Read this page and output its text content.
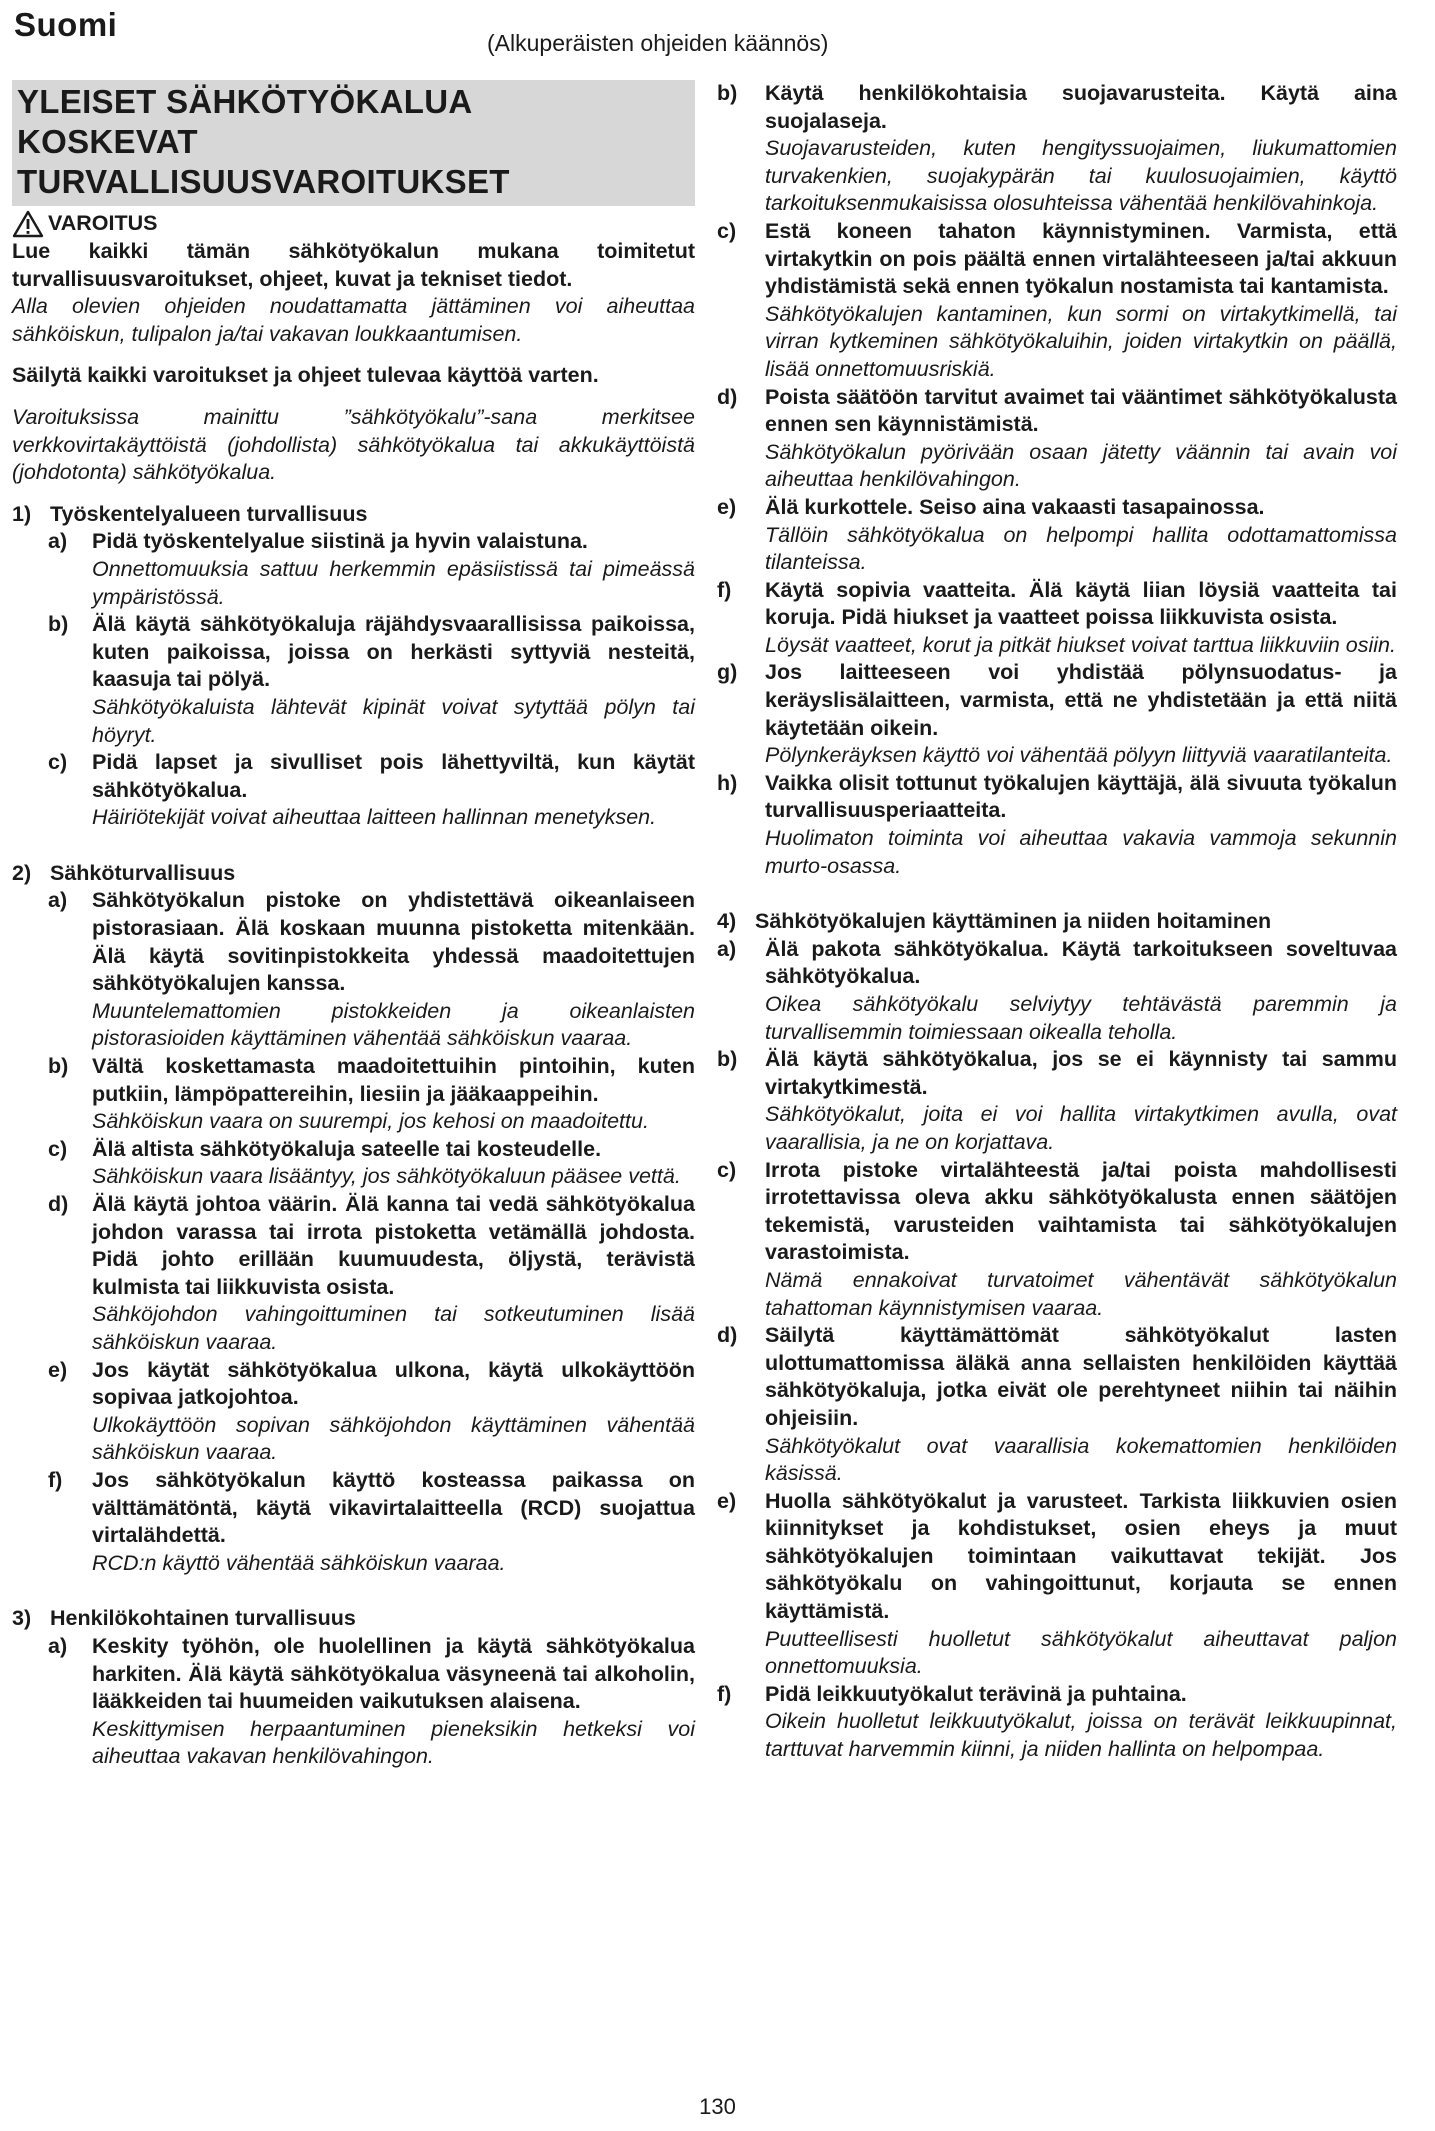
Suomi	(Alkuperäisten ohjeiden käännös)
YLEISET SÄHKÖTYÖKALUA
KOSKEVAT
TURVALLISUUSVAROITUKSET
VAROITUS
Lue kaikki tämän sähkötyökalun mukana toimitetut turvallisuusvaroitukset, ohjeet, kuvat ja tekniset tiedot.
Alla olevien ohjeiden noudattamatta jättäminen voi aiheuttaa sähköiskun, tulipalon ja/tai vakavan loukkaantumisen.
Säilytä kaikki varoitukset ja ohjeet tulevaa käyttöä varten.
Varoituksissa mainittu ”sähkötyökalu”-sana merkitsee verkkovirtakäyttöistä (johdollista) sähkötyökalua tai akkukäyttöistä (johdotonta) sähkötyökalua.
1) Työskentelyalueen turvallisuus
a) Pidä työskentelyalue siistinä ja hyvin valaistuna.
Onnettomuuksia sattuu herkemmin epäsiistissä tai pimeässä ympäristössä.
b) Älä käytä sähkötyökaluja räjähdysvaarallisissa paikoissa, kuten paikoissa, joissa on herkästi syttyviä nesteitä, kaasuja tai pölyä.
Sähkötyökaluista lähtevät kipinät voivat sytyttää pölyn tai höyryt.
c) Pidä lapset ja sivulliset pois lähettyviltä, kun käytät sähkötyökalua.
Häiriötekijät voivat aiheuttaa laitteen hallinnan menetyksen.
2) Sähköturvallisuus
a) Sähkötyökalun pistoke on yhdistettävä oikeanlaiseen pistorasiaan. Älä koskaan muunna pistoketta mitenkään. Älä käytä sovitinpistokkeita yhdessä maadoitettujen sähkötyökalujen kanssa.
Muuntelemattomien pistokkeiden ja oikeanlaisten pistorasioiden käyttäminen vähentää sähköiskun vaaraa.
b) Vältä koskettamasta maadoitettuihin pintoihin, kuten putkiin, lämpöpattereihin, liesiin ja jääkaappeihin.
Sähköiskun vaara on suurempi, jos kehosi on maadoitettu.
c) Älä altista sähkötyökaluja sateelle tai kosteudelle.
Sähköiskun vaara lisääntyy, jos sähkötyökaluun pääsee vettä.
d) Älä käytä johtoa väärin. Älä kanna tai vedä sähkötyökalua johdon varassa tai irrota pistoketta vetämällä johdosta. Pidä johto erillään kuumuudesta, öljystä, terävistä kulmista tai liikkuvista osista.
Sähköjohdon vahingoittuminen tai sotkeutuminen lisää sähköiskun vaaraa.
e) Jos käytät sähkötyökalua ulkona, käytä ulkokäyttöön sopivaa jatkojohtoa.
Ulkokäyttöön sopivan sähköjohdon käyttäminen vähentää sähköiskun vaaraa.
f) Jos sähkötyökalun käyttö kosteassa paikassa on välttämätöntä, käytä vikavirtalaitteella (RCD) suojattua virtalähdettä.
RCD:n käyttö vähentää sähköiskun vaaraa.
3) Henkilökohtainen turvallisuus
a) Keskity työhön, ole huolellinen ja käytä sähkötyökalua harkiten. Älä käytä sähkötyökalua väsyneenä tai alkoholin, lääkkeiden tai huumeiden vaikutuksen alaisena.
Keskittymisen herpaantuminen pieneksikin hetkeksi voi aiheuttaa vakavan henkilövahingon.
b) Käytä henkilökohtaisia suojavarusteita. Käytä aina suojalaseja.
Suojavarusteiden, kuten hengityssuojaimen, liukumattomien turvakenkien, suojakypärän tai kuulosuojaimien, käyttö tarkoituksenmukaisissa olosuhteissa vähentää henkilövahinkoja.
c) Estä koneen tahaton käynnistyminen. Varmista, että virtakytkin on pois päältä ennen virtalähteeseen ja/tai akkuun yhdistämistä sekä ennen työkalun nostamista tai kantamista.
Sähkötyökalujen kantaminen, kun sormi on virtakytkimellä, tai virran kytkeminen sähkötyökaluihin, joiden virtakytkin on päällä, lisää onnettomuusriskiä.
d) Poista säätöön tarvitut avaimet tai vääntimet sähkötyökalusta ennen sen käynnistämistä.
Sähkötyökalun pyörivään osaan jätetty väännin tai avain voi aiheuttaa henkilövahingon.
e) Älä kurkottele. Seiso aina vakaasti tasapainossa.
Tällöin sähkötyökalua on helpompi hallita odottamattomissa tilanteissa.
f) Käytä sopivia vaatteita. Älä käytä liian löysiä vaatteita tai koruja. Pidä hiukset ja vaatteet poissa liikkuvista osista.
Löysät vaatteet, korut ja pitkät hiukset voivat tarttua liikkuviin osiin.
g) Jos laitteeseen voi yhdistää pölynsuodatus- ja keräyslisälaitteen, varmista, että ne yhdistetään ja että niitä käytetään oikein.
Pölynkeräyksen käyttö voi vähentää pölyyn liittyviä vaaratilanteita.
h) Vaikka olisit tottunut työkalujen käyttäjä, älä sivuuta työkalun turvallisuusperiaatteita.
Huolimaton toiminta voi aiheuttaa vakavia vammoja sekunnin murto-osassa.
4) Sähkötyökalujen käyttäminen ja niiden hoitaminen
a) Älä pakota sähkötyökalua. Käytä tarkoitukseen soveltuvaa sähkötyökalua.
Oikea sähkötyökalu selviytyy tehtävästä paremmin ja turvallisemmin toimiessaan oikealla teholla.
b) Älä käytä sähkötyökalua, jos se ei käynnisty tai sammu virtakytkimestä.
Sähkötyökalut, joita ei voi hallita virtakytkimen avulla, ovat vaarallisia, ja ne on korjattava.
c) Irrota pistoke virtalähteestä ja/tai poista mahdollisesti irrotettavissa oleva akku sähkötyökalusta ennen säätöjen tekemistä, varusteiden vaihtamista tai sähkötyökalujen varastoimista.
Nämä ennakoivat turvatoimet vähentävät sähkötyökalun tahattoman käynnistymisen vaaraa.
d) Säilytä käyttämättömät sähkötyökalut lasten ulottumattomissa äläkä anna sellaisten henkilöiden käyttää sähkötyökaluja, jotka eivät ole perehtyneet niihin tai näihin ohjeisiin.
Sähkötyökalut ovat vaarallisia kokemattomien henkilöiden käsissä.
e) Huolla sähkötyökalut ja varusteet. Tarkista liikkuvien osien kiinnitykset ja kohdistukset, osien eheys ja muut sähkötyökalujen toimintaan vaikuttavat tekijät. Jos sähkötyökalu on vahingoittunut, korjauta se ennen käyttämistä.
Puutteellisesti huolletut sähkötyökalut aiheuttavat paljon onnettomuuksia.
f) Pidä leikkuutyökalut terävinä ja puhtaina.
Oikein huolletut leikkuutyökalut, joissa on terävät leikkuupinnat, tarttuvat harvemmin kiinni, ja niiden hallinta on helpompaa.
130
